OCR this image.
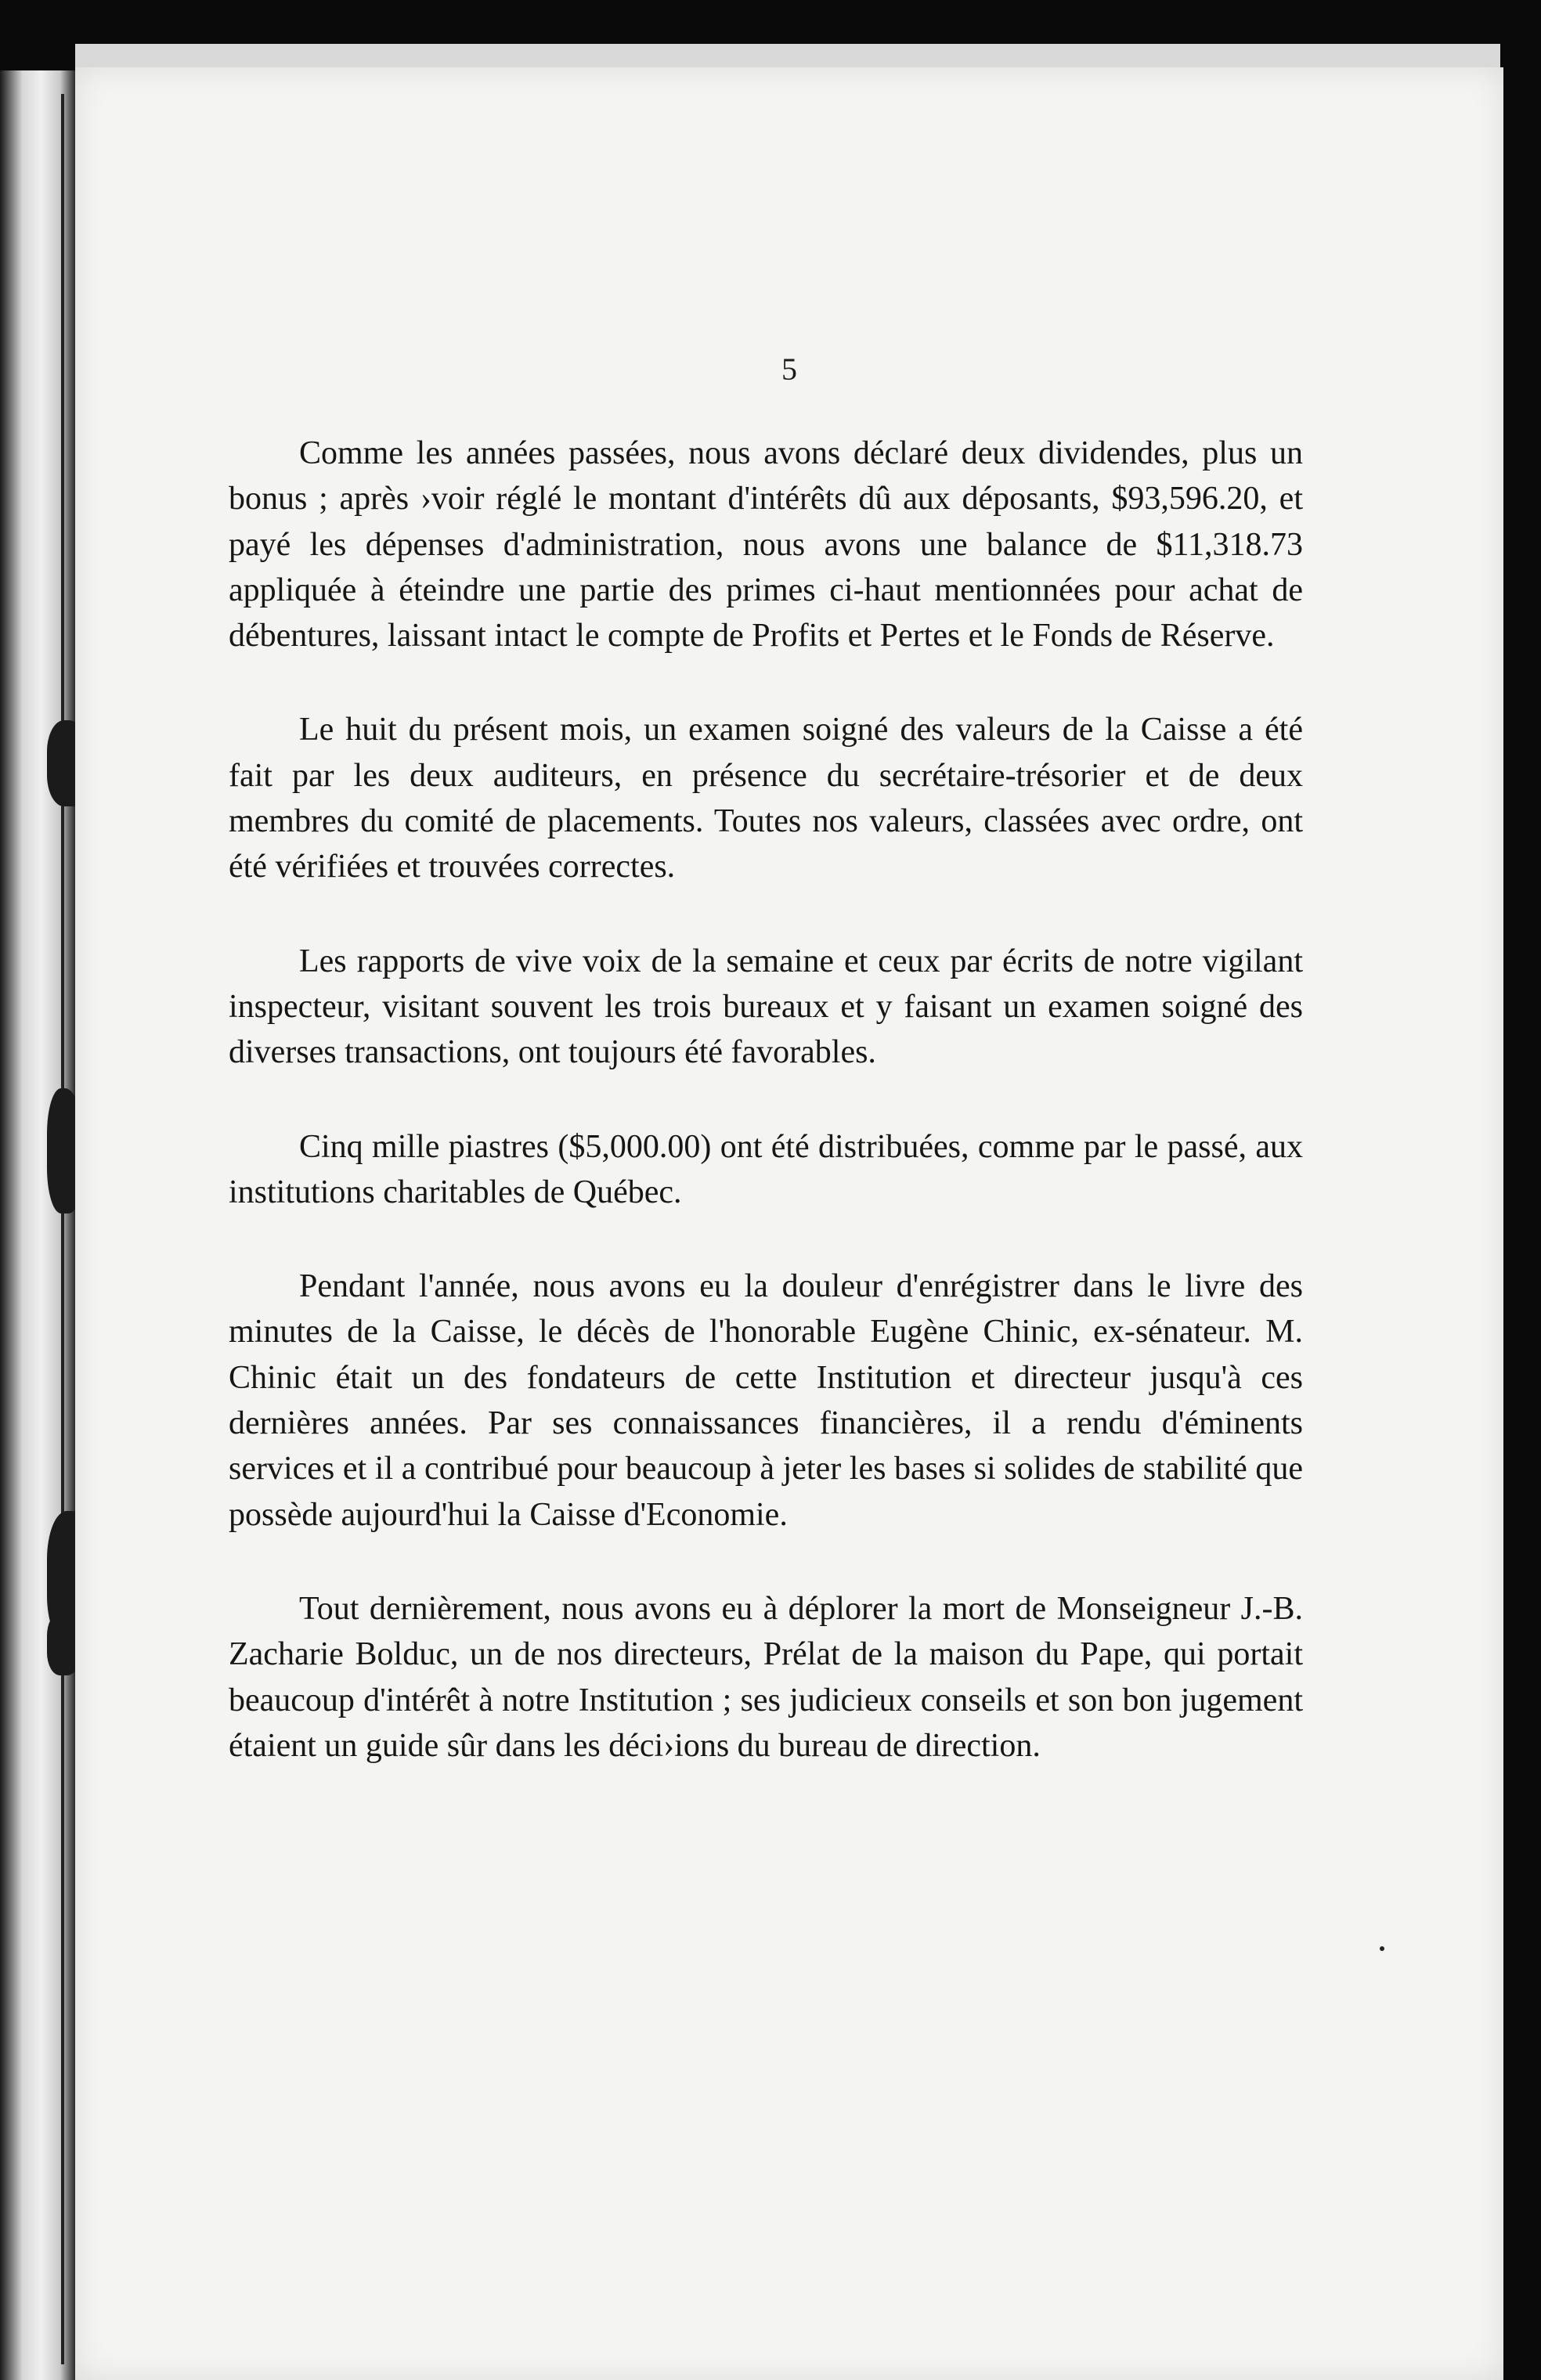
5

Comme les années passées, nous avons déclaré deux dividendes, plus un bonus ; après ›voir réglé le montant d'intérêts dû aux déposants, $93,596.20, et payé les dépenses d'administration, nous avons une balance de $11,318.73 appliquée à éteindre une partie des primes ci-haut mentionnées pour achat de débentures, laissant intact le compte de Profits et Pertes et le Fonds de Réserve.

Le huit du présent mois, un examen soigné des valeurs de la Caisse a été fait par les deux auditeurs, en présence du secrétaire-trésorier et de deux membres du comité de placements. Toutes nos valeurs, classées avec ordre, ont été vérifiées et trouvées correctes.

Les rapports de vive voix de la semaine et ceux par écrits de notre vigilant inspecteur, visitant souvent les trois bureaux et y faisant un examen soigné des diverses transactions, ont toujours été favorables.

Cinq mille piastres ($5,000.00) ont été distribuées, comme par le passé, aux institutions charitables de Québec.

Pendant l'année, nous avons eu la douleur d'enrégistrer dans le livre des minutes de la Caisse, le décès de l'honorable Eugène Chinic, ex-sénateur. M. Chinic était un des fondateurs de cette Institution et directeur jusqu'à ces dernières années. Par ses connaissances financières, il a rendu d'éminents services et il a contribué pour beaucoup à jeter les bases si solides de stabilité que possède aujourd'hui la Caisse d'Economie.

Tout dernièrement, nous avons eu à déplorer la mort de Monseigneur J.-B. Zacharie Bolduc, un de nos directeurs, Prélat de la maison du Pape, qui portait beaucoup d'intérêt à notre Institution ; ses judicieux conseils et son bon jugement étaient un guide sûr dans les déci›ions du bureau de direction.
